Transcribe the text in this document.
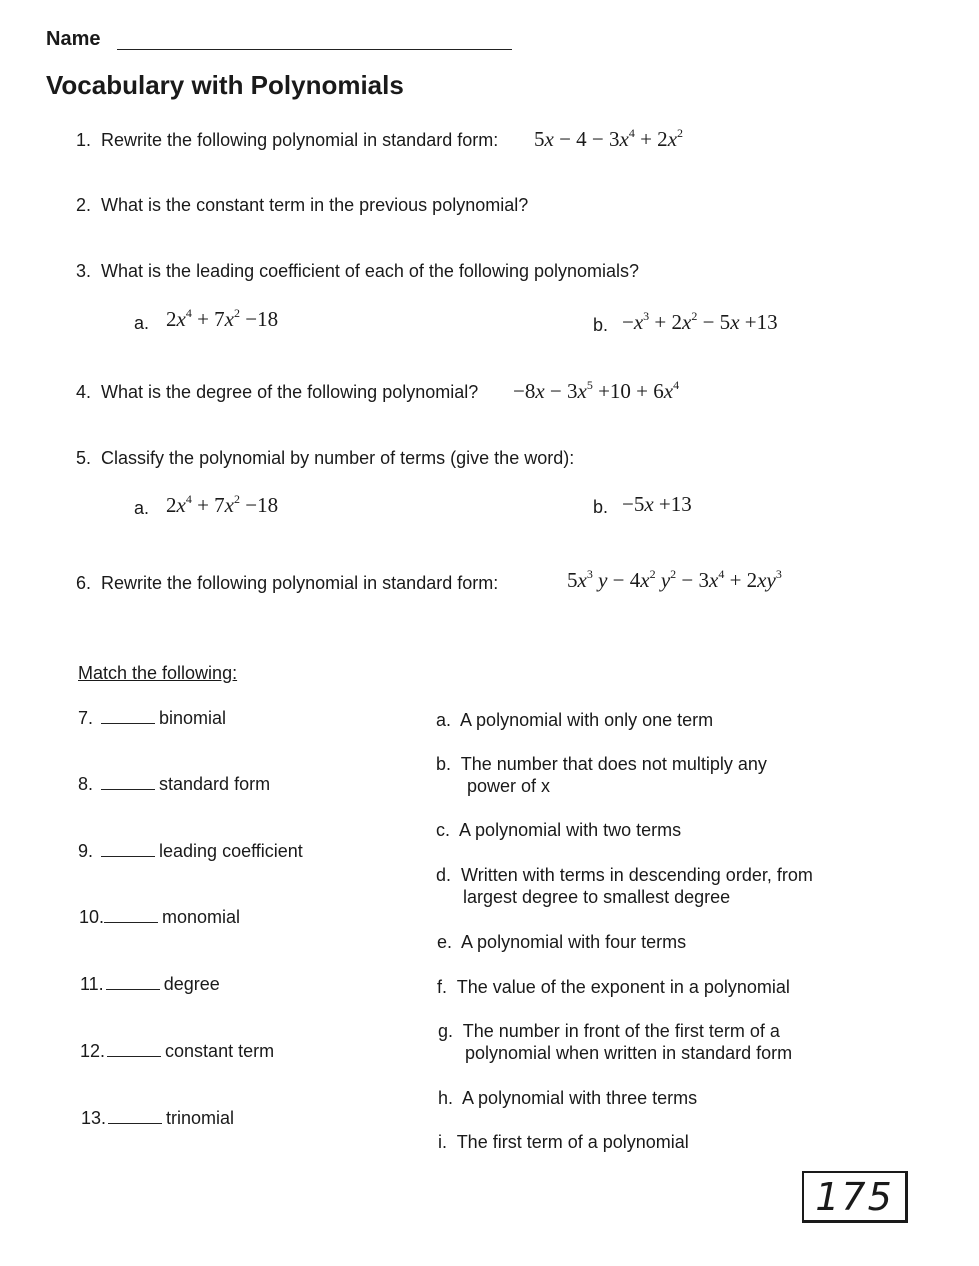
Name
Vocabulary with Polynomials
1. Rewrite the following polynomial in standard form: $5x - 4 - 3x^4 + 2x^2$
2. What is the constant term in the previous polynomial?
3. What is the leading coefficient of each of the following polynomials?
a. $2x^4 + 7x^2 -18$	b. $-x^3 + 2x^2 - 5x +13$
4. What is the degree of the following polynomial? $-8x - 3x^5 +10 + 6x^4$
5. Classify the polynomial by number of terms (give the word):
a. $2x^4 + 7x^2 -18$	b. −5x +13
6. Rewrite the following polynomial in standard form:	$5x^3$ $y - 4x^2$ $y^2 - 3x^4 + 2xy^3$
Match the following:
7.	binomial
8.	standard form
9.	leading coefficient
10.	monomial
11.	degree
12.	constant term
13.	trinomial
a. A polynomial with only one term
b. The number that does not multiply any
power of x
c. A polynomial with two terms
d. Written with terms in descending order, from
largest degree to smallest degree
e. A polynomial with four terms
f. The value of the exponent in a polynomial
g. The number in front of the first term of a
polynomial when written in standard form
h. A polynomial with three terms
i. The first term of a polynomial
175
